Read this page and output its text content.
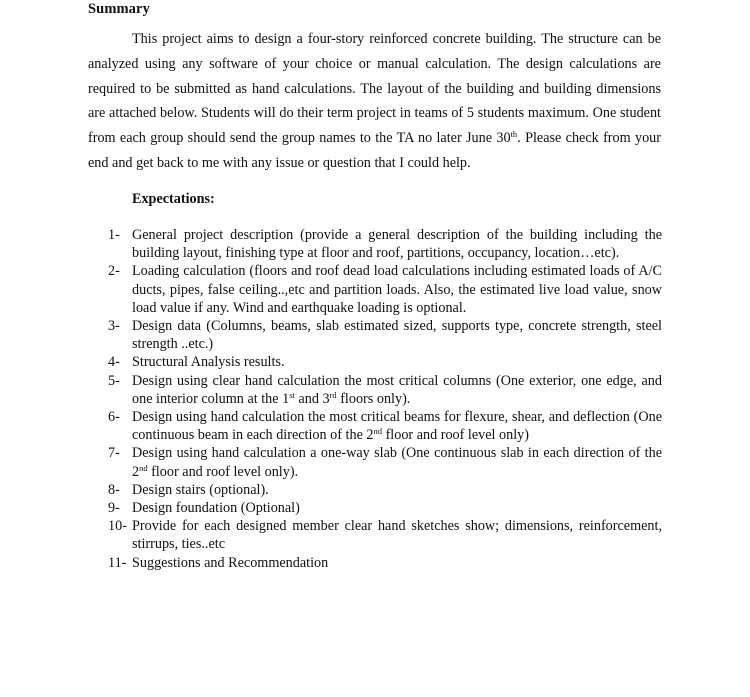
Summary

This project aims to design a four-story reinforced concrete building. The structure can be analyzed using any software of your choice or manual calculation. The design calculations are required to be submitted as hand calculations. The layout of the building and building dimensions are attached below. Students will do their term project in teams of 5 students maximum. One student from each group should send the group names to the TA no later June 30th. Please check from your end and get back to me with any issue or question that I could help.

Expectations:
1- General project description (provide a general description of the building including the building layout, finishing type at floor and roof, partitions, occupancy, location…etc).
2- Loading calculation (floors and roof dead load calculations including estimated loads of A/C ducts, pipes, false ceiling..,etc and partition loads. Also, the estimated live load value, snow load value if any. Wind and earthquake loading is optional.
3- Design data (Columns, beams, slab estimated sized, supports type, concrete strength, steel strength ..etc.)
4- Structural Analysis results.
5- Design using clear hand calculation the most critical columns (One exterior, one edge, and one interior column at the 1st and 3rd floors only).
6- Design using hand calculation the most critical beams for flexure, shear, and deflection (One continuous beam in each direction of the 2nd floor and roof level only)
7- Design using hand calculation a one-way slab (One continuous slab in each direction of the 2nd floor and roof level only).
8- Design stairs (optional).
9- Design foundation (Optional)
10- Provide for each designed member clear hand sketches show; dimensions, reinforcement, stirrups, ties..etc
11- Suggestions and Recommendation
